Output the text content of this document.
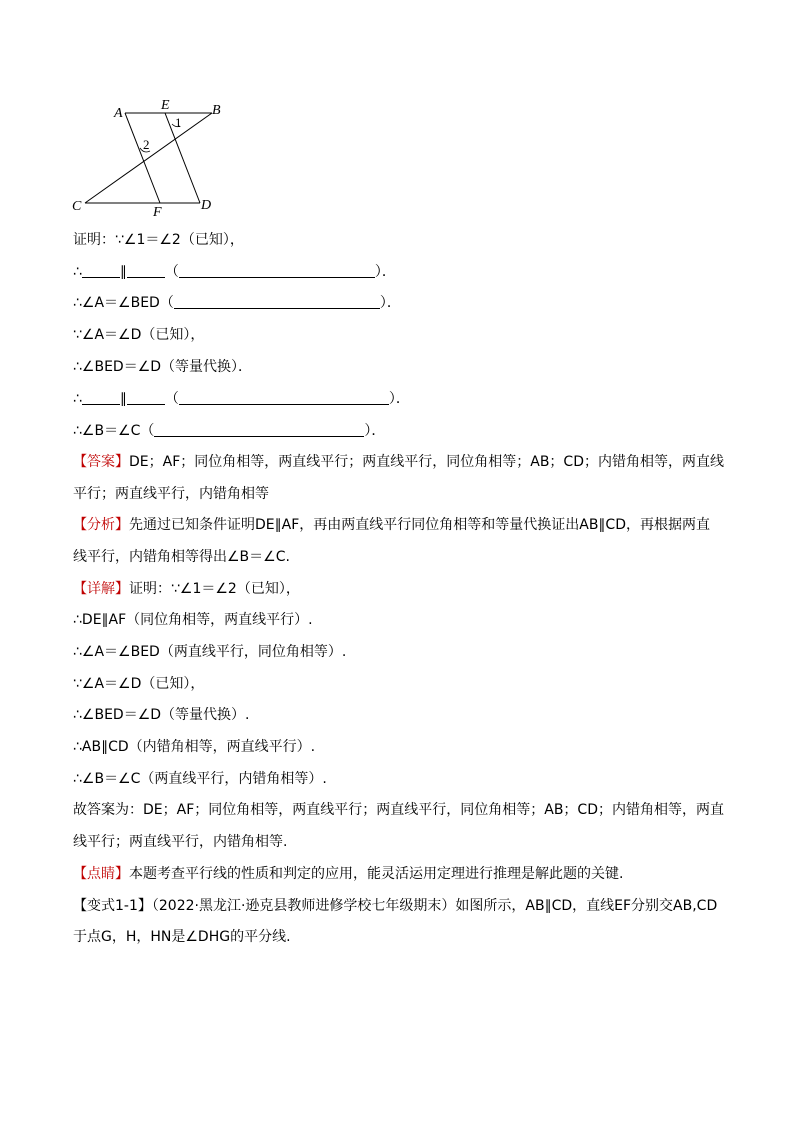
A
E	B
1
2
C	F	D
证明：∵∠1＝∠2（已知），
∴	∥	（	）．
∴∠A＝∠BED（	）．
∵∠A＝∠D（已知），
∴∠BED＝∠D（等量代换）．
∴	∥	（	）．
∴∠B＝∠C（	）．
【答案】DE；AF；同位角相等，两直线平行；两直线平行，同位角相等；AB；CD；内错角相等，两直线
平行；两直线平行，内错角相等
【分析】先通过已知条件证明DE∥AF，再由两直线平行同位角相等和等量代换证出AB∥CD，再根据两直
线平行，内错角相等得出∠B＝∠C.
【详解】证明：∵∠1＝∠2（已知），
∴DE∥AF（同位角相等，两直线平行）.
∴∠A＝∠BED（两直线平行，同位角相等）.
∵∠A＝∠D（已知），
∴∠BED＝∠D（等量代换）.
∴AB∥CD（内错角相等，两直线平行）.
∴∠B＝∠C（两直线平行，内错角相等）.
故答案为：DE；AF；同位角相等，两直线平行；两直线平行，同位角相等；AB；CD；内错角相等，两直
线平行；两直线平行，内错角相等.
【点睛】本题考查平行线的性质和判定的应用，能灵活运用定理进行推理是解此题的关键.
【变式1-1】（2022·黑龙江·逊克县教师进修学校七年级期末）如图所示，AB∥CD，直线EF分别交AB,CD
于点G，H，HN是∠DHG的平分线.
